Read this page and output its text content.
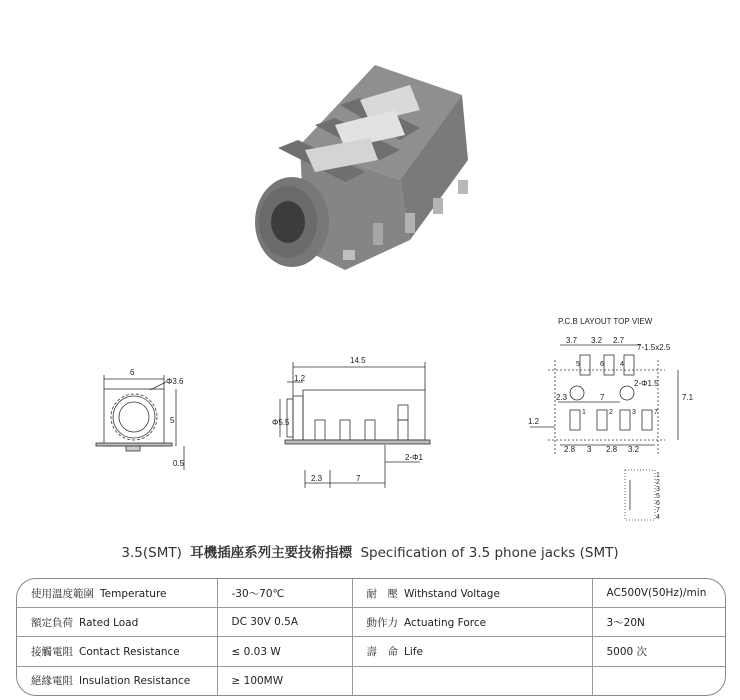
P.C.B LAYOUT TOP VIEW
6
Φ3.6
5
0.5
14.5
1.2
Φ5.5
2.3	7
2-Φ1
3.7 3.2 2.7
7-1.5x2.5
2-Φ1.5
2.3	7	7.1
1.2
2.8 3 2.8 3.2
5	6 4
1	2	3	7
1
2
3
5
6
7
4
3.5(SMT) 耳機插座系列主要技術指標 Specification of 3.5 phone jacks (SMT)
使用溫度範圍 Temperature	-30～70℃	耐　壓 Withstand Voltage	AC500V(50Hz)/min
額定負荷 Rated Load	DC 30V 0.5A	動作力 Actuating Force	3～20N
接觸電阻 Contact Resistance	≤ 0.03 W	壽　命 Life	5000 次
絕緣電阻 Insulation Resistance	≥ 100MW		
